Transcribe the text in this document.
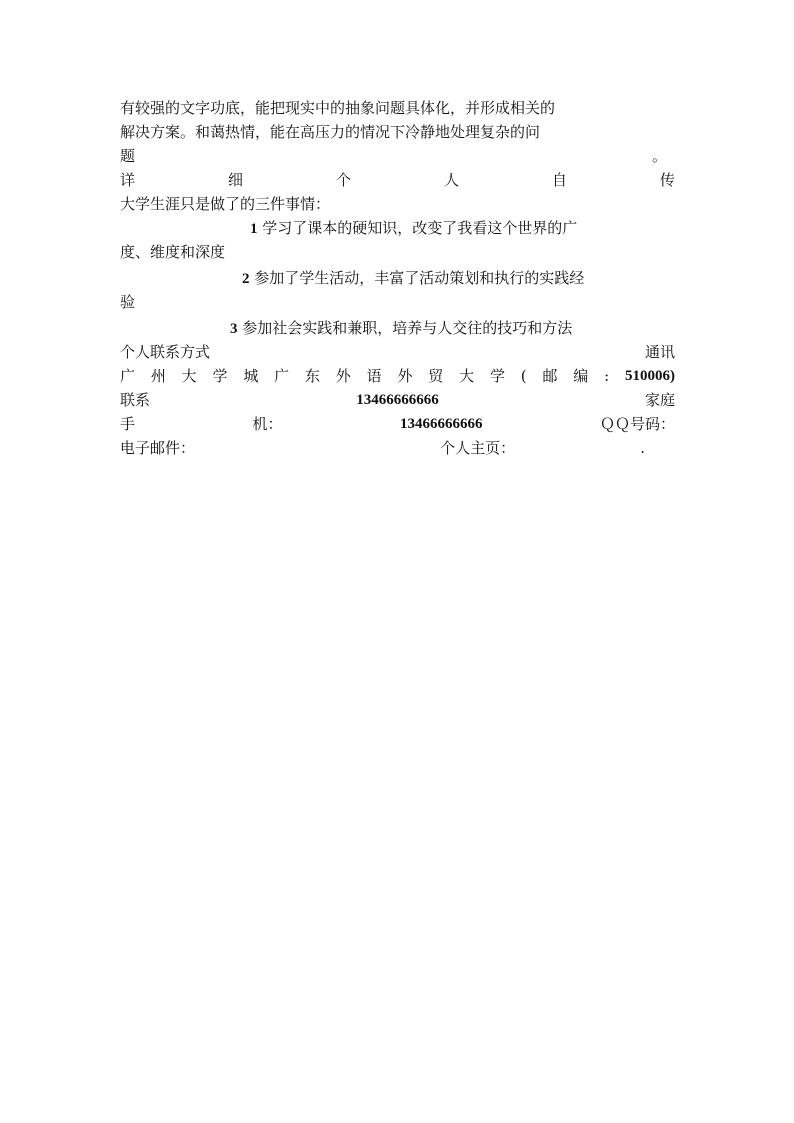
有较强的文字功底，能把现实中的抽象问题具体化，并形成相关的
解决方案。和蔼热情，能在高压力的情况下冷静地处理复杂的问
题	。
详	细	个	人	自	传
大学生涯只是做了的三件事情：
1 学习了课本的硬知识，改变了我看这个世界的广
度、维度和深度
2 参加了学生活动，丰富了活动策划和执行的实践经
验
3 参加社会实践和兼职，培养与人交往的技巧和方法
个人联系方式	通讯
广 州 大 学 城 广 东 外 语 外 贸 大 学 ( 邮 编 : 510006)
联系	13466666666	家庭
手	机：	13466666666	ＱＱ号码：
电子邮件：	个人主页：	.
